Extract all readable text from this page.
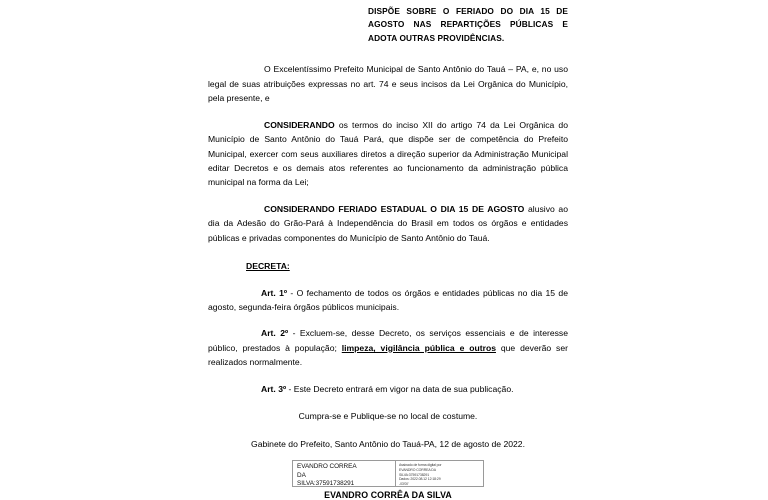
DISPÕE SOBRE O FERIADO DO DIA 15 DE AGOSTO NAS REPARTIÇÕES PÚBLICAS E ADOTA OUTRAS PROVIDÊNCIAS.

O Excelentíssimo Prefeito Municipal de Santo Antônio do Tauá – PA, e, no uso legal de suas atribuições expressas no art. 74 e seus incisos da Lei Orgânica do Município, pela presente, e

CONSIDERANDO os termos do inciso XII do artigo 74 da Lei Orgânica do Município de Santo Antônio do Tauá Pará, que dispõe ser de competência do Prefeito Municipal, exercer com seus auxiliares diretos a direção superior da Administração Municipal editar Decretos e os demais atos referentes ao funcionamento da administração pública municipal na forma da Lei;

CONSIDERANDO FERIADO ESTADUAL O DIA 15 DE AGOSTO alusivo ao dia da Adesão do Grão-Pará à Independência do Brasil em todos os órgãos e entidades públicas e privadas componentes do Município de Santo Antônio do Tauá.

DECRETA:

Art. 1º - O fechamento de todos os órgãos e entidades públicas no dia 15 de agosto, segunda-feira órgãos públicos municipais.

Art. 2º - Excluem-se, desse Decreto, os serviços essenciais e de interesse público, prestados à população; limpeza, vigilância pública e outros que deverão ser realizados normalmente.

Art. 3º - Este Decreto entrará em vigor na data de sua publicação.

Cumpra-se e Publique-se no local de costume.

Gabinete do Prefeito, Santo Antônio do Tauá-PA, 12 de agosto de 2022.

EVANDRO CORREA
DA
SILVA:37591738291
Assinado de forma digital por
EVANDRO CORREA DA
SILVA:37591738291
Dados: 2022.08.12 12:18:29
-03'00'
EVANDRO CORRÊA DA SILVA
